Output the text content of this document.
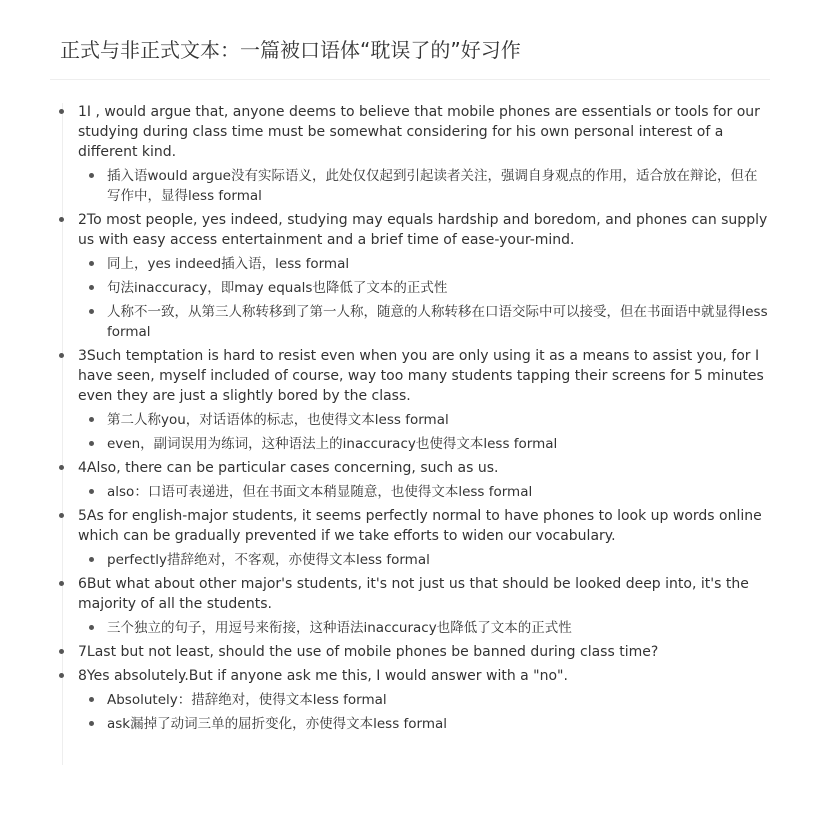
正式与非正式文本：一篇被口语体“耽误了的”好习作
1I , would argue that, anyone deems to believe that mobile phones are essentials or tools for our studying during class time must be somewhat considering for his own personal interest of a different kind.
插入语would argue没有实际语义，此处仅仅起到引起读者关注，强调自身观点的作用，适合放在辩论，但在写作中，显得less formal
2To most people, yes indeed, studying may equals hardship and boredom, and phones can supply us with easy access entertainment and a brief time of ease-your-mind.
同上，yes indeed插入语，less formal
句法inaccuracy，即may equals也降低了文本的正式性
人称不一致，从第三人称转移到了第一人称，随意的人称转移在口语交际中可以接受，但在书面语中就显得less formal
3Such temptation is hard to resist even when you are only using it as a means to assist you, for I have seen, myself included of course, way too many students tapping their screens for 5 minutes even they are just a slightly bored by the class.
第二人称you，对话语体的标志，也使得文本less formal
even，副词误用为练词，这种语法上的inaccuracy也使得文本less formal
4Also, there can be particular cases concerning, such as us.
also：口语可表递进，但在书面文本稍显随意，也使得文本less formal
5As for english-major students, it seems perfectly normal to have phones to look up words online which can be gradually prevented if we take efforts to widen our vocabulary.
perfectly措辞绝对，不客观，亦使得文本less formal
6But what about other major's students, it's not just us that should be looked deep into, it's the majority of all the students.
三个独立的句子，用逗号来衔接，这种语法inaccuracy也降低了文本的正式性
7Last but not least, should the use of mobile phones be banned during class time?
8Yes absolutely.But if anyone ask me this, I would answer with a "no".
Absolutely：措辞绝对，使得文本less formal
ask漏掉了动词三单的屈折变化，亦使得文本less formal
